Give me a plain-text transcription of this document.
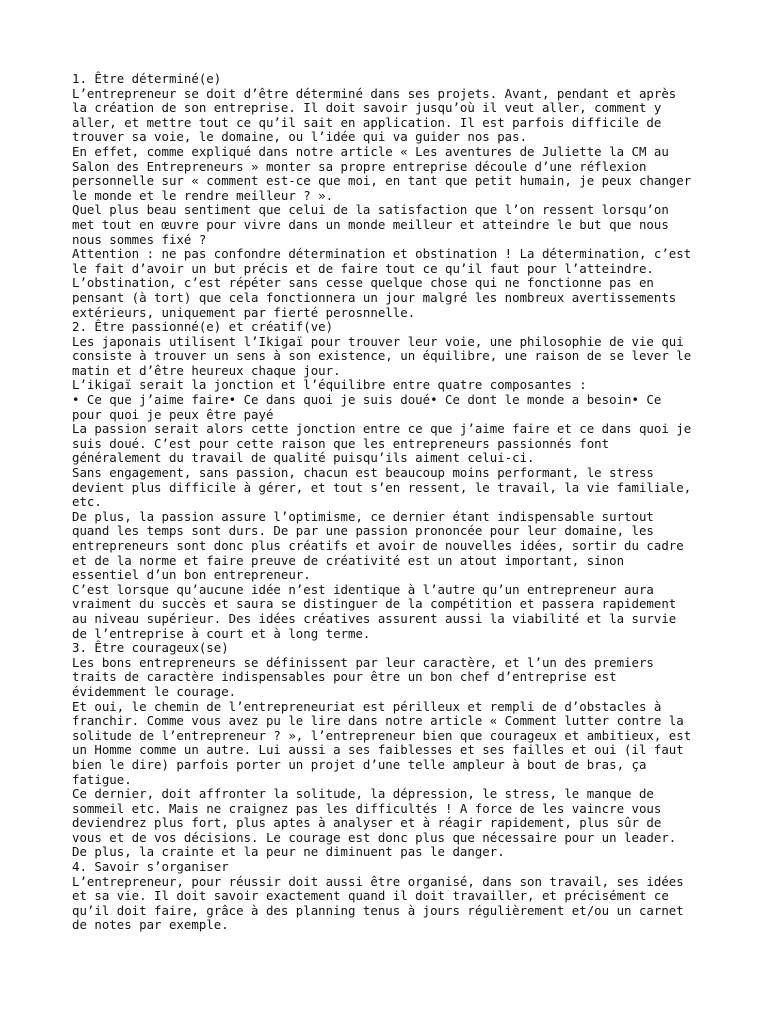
1. Être déterminé(e)
L’entrepreneur se doit d’être déterminé dans ses projets. Avant, pendant et après
la création de son entreprise. Il doit savoir jusqu’où il veut aller, comment y
aller, et mettre tout ce qu’il sait en application. Il est parfois difficile de
trouver sa voie, le domaine, ou l’idée qui va guider nos pas.
En effet, comme expliqué dans notre article « Les aventures de Juliette la CM au
Salon des Entrepreneurs » monter sa propre entreprise découle d’une réflexion
personnelle sur « comment est-ce que moi, en tant que petit humain, je peux changer
le monde et le rendre meilleur ? ».
Quel plus beau sentiment que celui de la satisfaction que l’on ressent lorsqu’on
met tout en œuvre pour vivre dans un monde meilleur et atteindre le but que nous
nous sommes fixé ?
Attention : ne pas confondre détermination et obstination ! La détermination, c’est
le fait d’avoir un but précis et de faire tout ce qu’il faut pour l’atteindre.
L’obstination, c’est répéter sans cesse quelque chose qui ne fonctionne pas en
pensant (à tort) que cela fonctionnera un jour malgré les nombreux avertissements
extérieurs, uniquement par fierté perosnnelle.
2. Être passionné(e) et créatif(ve)
Les japonais utilisent l’Ikigaï pour trouver leur voie, une philosophie de vie qui
consiste à trouver un sens à son existence, un équilibre, une raison de se lever le
matin et d’être heureux chaque jour.
L’ikigaï serait la jonction et l’équilibre entre quatre composantes :
• Ce que j’aime faire• Ce dans quoi je suis doué• Ce dont le monde a besoin• Ce
pour quoi je peux être payé
La passion serait alors cette jonction entre ce que j’aime faire et ce dans quoi je
suis doué. C’est pour cette raison que les entrepreneurs passionnés font
généralement du travail de qualité puisqu’ils aiment celui-ci.
Sans engagement, sans passion, chacun est beaucoup moins performant, le stress
devient plus difficile à gérer, et tout s’en ressent, le travail, la vie familiale,
etc.
De plus, la passion assure l’optimisme, ce dernier étant indispensable surtout
quand les temps sont durs. De par une passion prononcée pour leur domaine, les
entrepreneurs sont donc plus créatifs et avoir de nouvelles idées, sortir du cadre
et de la norme et faire preuve de créativité est un atout important, sinon
essentiel d’un bon entrepreneur.
C’est lorsque qu’aucune idée n’est identique à l’autre qu’un entrepreneur aura
vraiment du succès et saura se distinguer de la compétition et passera rapidement
au niveau supérieur. Des idées créatives assurent aussi la viabilité et la survie
de l’entreprise à court et à long terme.
3. Être courageux(se)
Les bons entrepreneurs se définissent par leur caractère, et l’un des premiers
traits de caractère indispensables pour être un bon chef d’entreprise est
évidemment le courage.
Et oui, le chemin de l’entrepreneuriat est périlleux et rempli de d’obstacles à
franchir. Comme vous avez pu le lire dans notre article « Comment lutter contre la
solitude de l’entrepreneur ? », l’entrepreneur bien que courageux et ambitieux, est
un Homme comme un autre. Lui aussi a ses faiblesses et ses failles et oui (il faut
bien le dire) parfois porter un projet d’une telle ampleur à bout de bras, ça
fatigue.
Ce dernier, doit affronter la solitude, la dépression, le stress, le manque de
sommeil etc. Mais ne craignez pas les difficultés ! A force de les vaincre vous
deviendrez plus fort, plus aptes à analyser et à réagir rapidement, plus sûr de
vous et de vos décisions. Le courage est donc plus que nécessaire pour un leader.
De plus, la crainte et la peur ne diminuent pas le danger.
4. Savoir s’organiser
L’entrepreneur, pour réussir doit aussi être organisé, dans son travail, ses idées
et sa vie. Il doit savoir exactement quand il doit travailler, et précisément ce
qu’il doit faire, grâce à des planning tenus à jours régulièrement et/ou un carnet
de notes par exemple.
